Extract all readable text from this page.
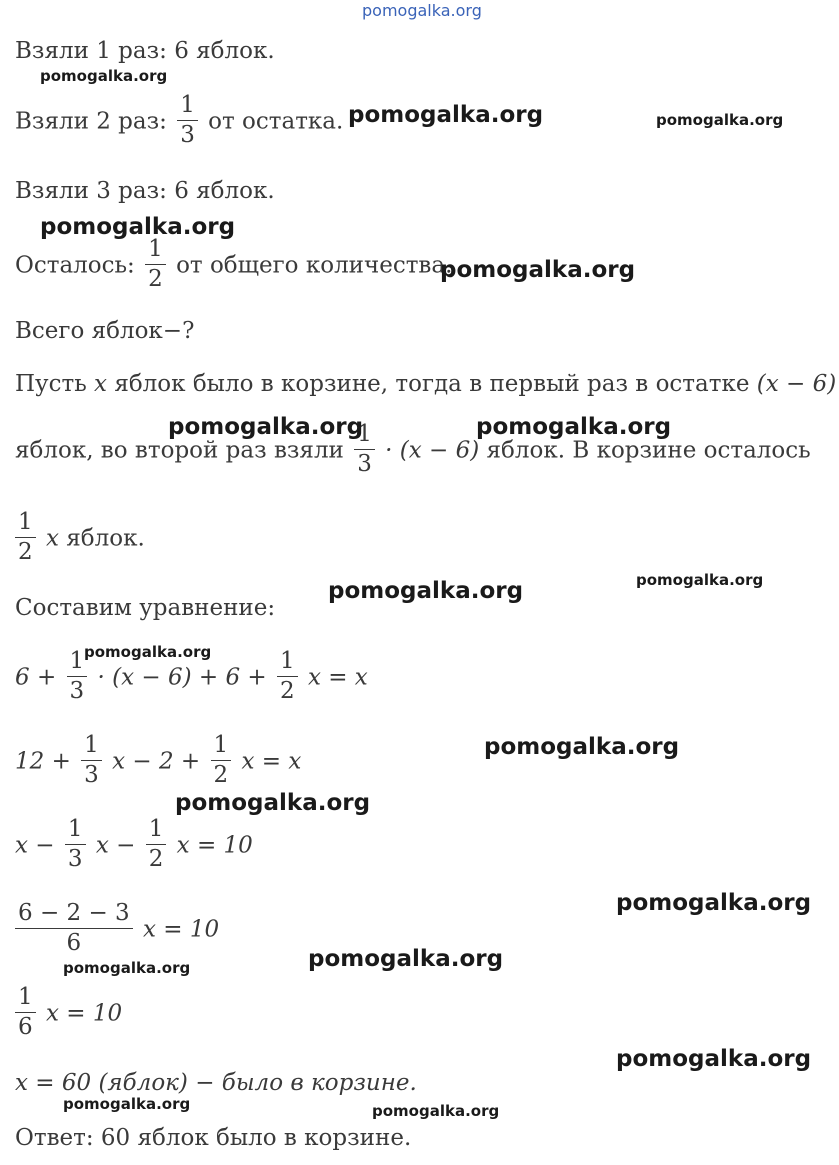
pomogalka.org
Взяли 1 раз: 6 яблок.
Взяли 2 раз: $\frac{1}{3}$ от остатка.
Взяли 3 раз: 6 яблок.
Осталось: $\frac{1}{2}$ от общего количества.
Всего яблок−?
Пусть x яблок было в корзине, тогда в первый раз в остатке (x − 6)
яблок, во второй раз взяли $\frac{1}{3} \cdot (x - 6)$ яблок. В корзине осталось
$\frac{1}{2}$ x яблок.
Составим уравнение:
$6 + \frac{1}{3} \cdot (x - 6) + 6 + \frac{1}{2}$ x = x
$12 + \frac{1}{3}$ $x - 2 + \frac{1}{2}$ x = x
$x - \frac{1}{3}$ $x - \frac{1}{2}$ x = 10
$\frac{6 - 2 - 3}{6}$ x = 10
$\frac{1}{6}$ x = 10
x = 60 (яблок) − было в корзине.
Ответ: 60 яблок было в корзине.
pomogalka.org
pomogalka.org	pomogalka.org
pomogalka.org
pomogalka.org
pomogalka.org	pomogalka.org
pomogalka.org
pomogalka.org
pomogalka.org
pomogalka.org
pomogalka.org
pomogalka.org
pomogalka.org
pomogalka.org
pomogalka.org
pomogalka.org	pomogalka.org
